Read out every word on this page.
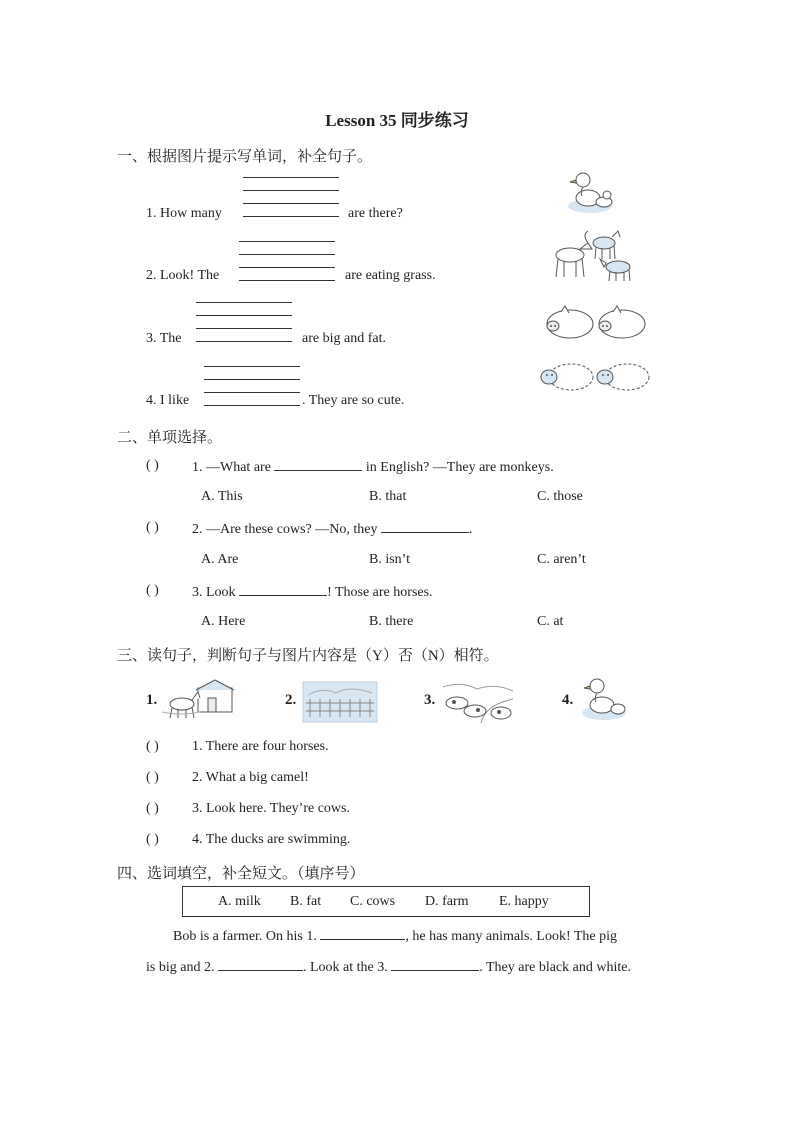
Lesson 35 同步练习
一、根据图片提示写单词，补全句子。
1. How many	are there?
2. Look! The	are eating grass.
3. The	are big and fat.
4. I like	. They are so cute.
二、单项选择。
( ) 1. —What are	in English? —They are monkeys.
A. This	B. that	C. those
( ) 2. —Are these cows? —No, they	.
A. Are	B. isn’t	C. aren’t
( ) 3. Look	! Those are horses.
A. Here	B. there	C. at
三、读句子，判断句子与图片内容是（Y）否（N）相符。
1.	2.	3.	4.
( ) 1. There are four horses.
( ) 2. What a big camel!
( ) 3. Look here. They’re cows.
( ) 4. The ducks are swimming.
四、选词填空，补全短文。（填序号）
A. milk B. fat C. cows D. farm E. happy
Bob is a farmer. On his 1.	, he has many animals. Look! The pig
is big and 2.	. Look at the 3.	. They are black and white.
